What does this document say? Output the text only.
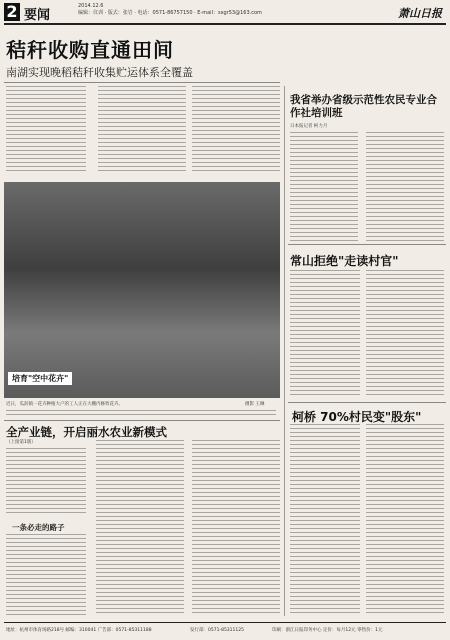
2 要闻
2014.12.6
编辑：仪训 · 版式：张岩 · 电话：0571-86757150 · E-mail：sxgr53@163.com	萧山日报
秸秆收购直通田间
南湖实现晚稻秸秆收集贮运体系全覆盖
培育"空中花卉"
近日，瓜沥镇一花卉种植大户的工人正在大棚内修剪花卉。	摄影 王琳
我省举办省级示范性农民专业合作社培训班
日本报记者 柯力月
常山拒绝"走读村官"
柯桥 70%村民变"股东"
全产业链，开启丽水农业新模式
（上接第1版）
一条必走的路子
地址：杭州市体育场路218号 邮编：310041 广告部：0571-85311188	发行部：0571-85311125	印刷：浙江日报印务中心 定价：每月12元 零售价：1元
